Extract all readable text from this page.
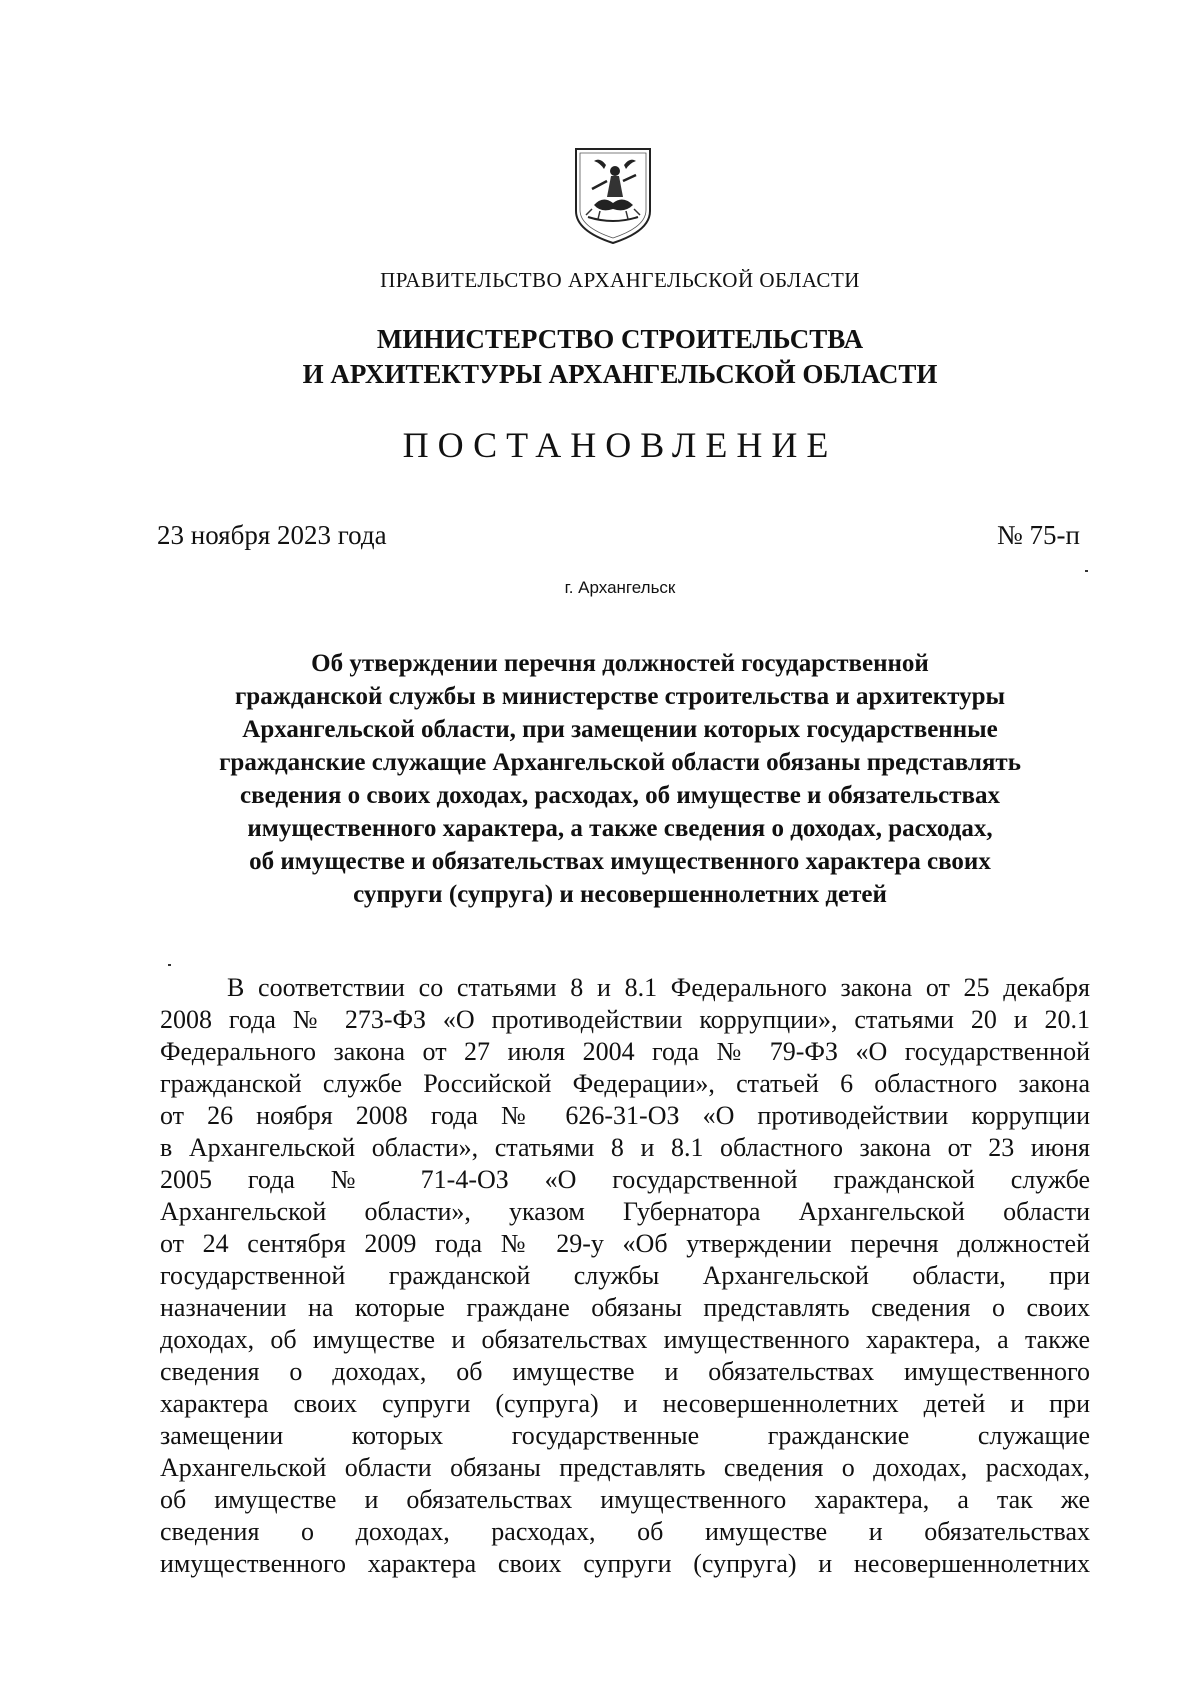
ПРАВИТЕЛЬСТВО АРХАНГЕЛЬСКОЙ ОБЛАСТИ
МИНИСТЕРСТВО СТРОИТЕЛЬСТВА
И АРХИТЕКТУРЫ АРХАНГЕЛЬСКОЙ ОБЛАСТИ
ПОСТАНОВЛЕНИЕ
23 ноября 2023 года	№ 75-п
г. Архангельск
Об утверждении перечня должностей государственной
гражданской службы в министерстве строительства и архитектуры
Архангельской области, при замещении которых государственные
гражданские служащие Архангельской области обязаны представлять
сведения о своих доходах, расходах, об имуществе и обязательствах
имущественного характера, а также сведения о доходах, расходах,
об имуществе и обязательствах имущественного характера своих
супруги (супруга) и несовершеннолетних детей
В соответствии со статьями 8 и 8.1 Федерального закона от 25 декабря
2008 года № 273-ФЗ «О противодействии коррупции», статьями 20 и 20.1
Федерального закона от 27 июля 2004 года № 79-ФЗ «О государственной
гражданской службе Российской Федерации», статьей 6 областного закона
от 26 ноября 2008 года № 626-31-ОЗ «О противодействии коррупции
в Архангельской области», статьями 8 и 8.1 областного закона от 23 июня
2005 года № 71-4-ОЗ «О государственной гражданской службе
Архангельской области», указом Губернатора Архангельской области
от 24 сентября 2009 года № 29-у «Об утверждении перечня должностей
государственной гражданской службы Архангельской области, при
назначении на которые граждане обязаны представлять сведения о своих
доходах, об имуществе и обязательствах имущественного характера, а также
сведения о доходах, об имуществе и обязательствах имущественного
характера своих супруги (супруга) и несовершеннолетних детей и при
замещении которых государственные гражданские служащие
Архангельской области обязаны представлять сведения о доходах, расходах,
об имуществе и обязательствах имущественного характера, а так же
сведения о доходах, расходах, об имуществе и обязательствах
имущественного характера своих супруги (супруга) и несовершеннолетних
